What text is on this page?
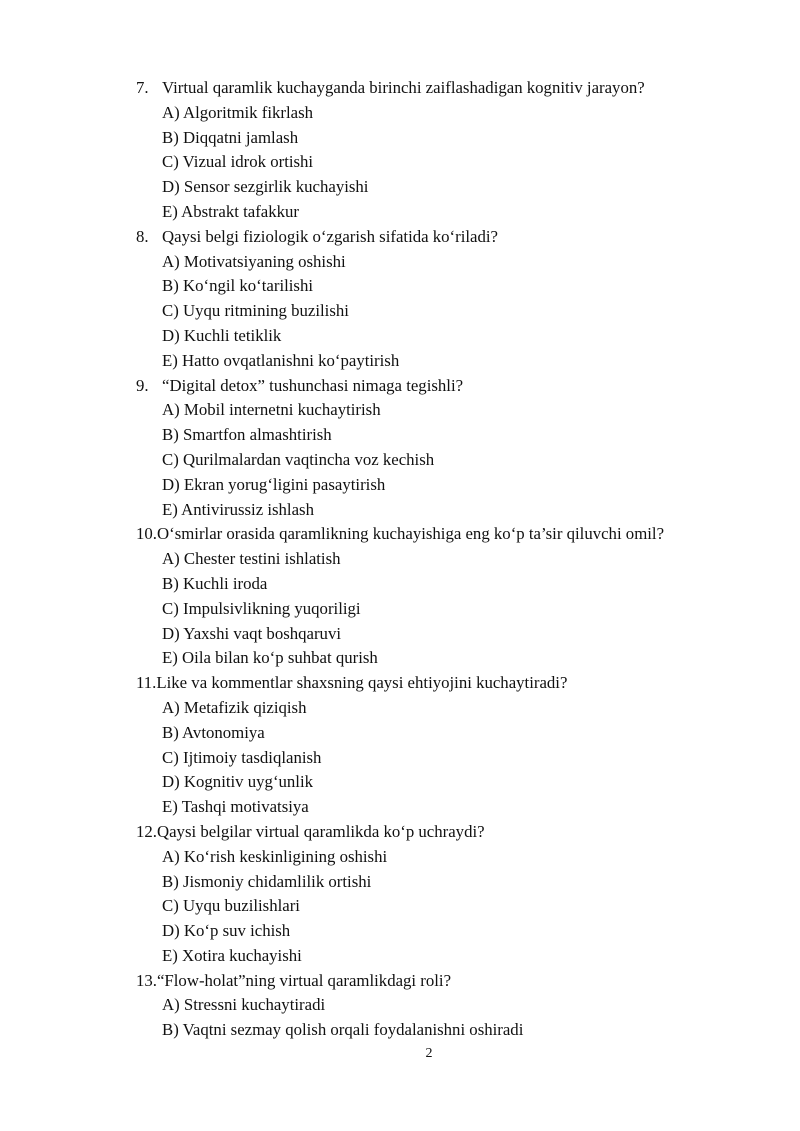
7. Virtual qaramlik kuchayganda birinchi zaiflashadigan kognitiv jarayon?
A) Algoritmik fikrlash
B) Diqqatni jamlash
C) Vizual idrok ortishi
D) Sensor sezgirlik kuchayishi
E) Abstrakt tafakkur
8. Qaysi belgi fiziologik o‘zgarish sifatida ko‘riladi?
A) Motivatsiyaning oshishi
B) Ko‘ngil ko‘tarilishi
C) Uyqu ritmining buzilishi
D) Kuchli tetiklik
E) Hatto ovqatlanishni ko‘paytirish
9. “Digital detox” tushunchasi nimaga tegishli?
A) Mobil internetni kuchaytirish
B) Smartfon almashtirish
C) Qurilmalardan vaqtincha voz kechish
D) Ekran yorug‘ligini pasaytirish
E) Antivirussiz ishlash
10. O‘smirlar orasida qaramlikning kuchayishiga eng ko‘p ta’sir qiluvchi omil?
A) Chester testini ishlatish
B) Kuchli iroda
C) Impulsivlikning yuqoriligi
D) Yaxshi vaqt boshqaruvi
E) Oila bilan ko‘p suhbat qurish
11. Like va kommentlar shaxsning qaysi ehtiyojini kuchaytiradi?
A) Metafizik qiziqish
B) Avtonomiya
C) Ijtimoiy tasdiqlanish
D) Kognitiv uyg‘unlik
E) Tashqi motivatsiya
12. Qaysi belgilar virtual qaramlikda ko‘p uchraydi?
A) Ko‘rish keskinligining oshishi
B) Jismoniy chidamlilik ortishi
C) Uyqu buzilishlari
D) Ko‘p suv ichish
E) Xotira kuchayishi
13. “Flow-holat”ning virtual qaramlikdagi roli?
A) Stressni kuchaytiradi
B) Vaqtni sezmay qolish orqali foydalanishni oshiradi
2
